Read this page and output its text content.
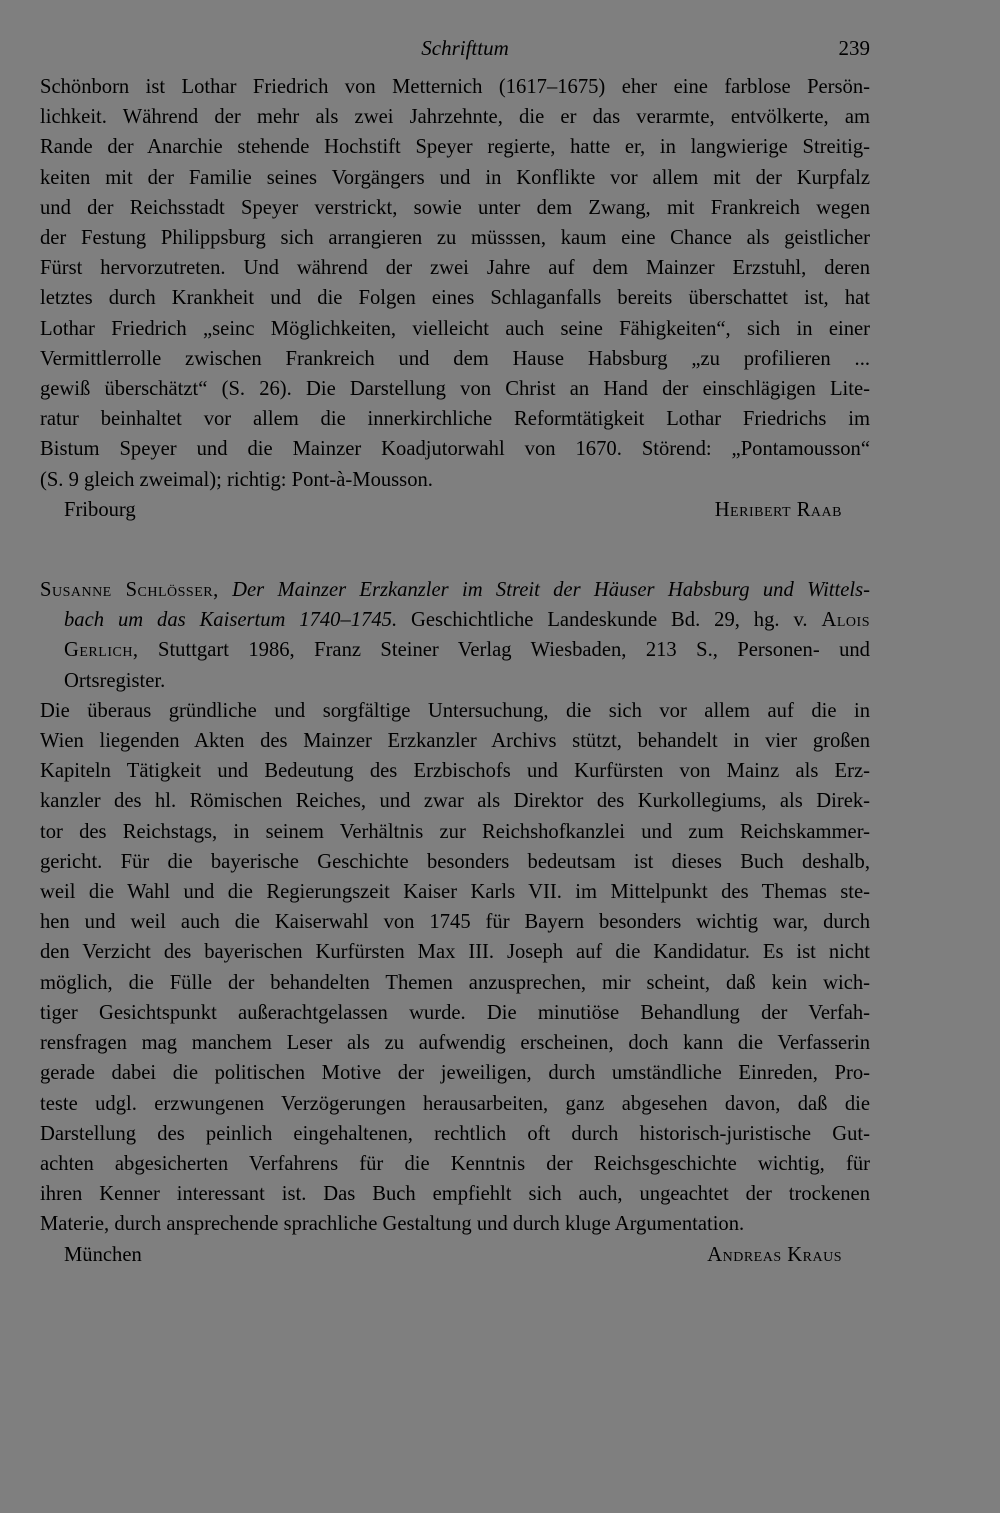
Schrifttum	239

Schönborn ist Lothar Friedrich von Metternich (1617–1675) eher eine farblose Persön-
lichkeit. Während der mehr als zwei Jahrzehnte, die er das verarmte, entvölkerte, am
Rande der Anarchie stehende Hochstift Speyer regierte, hatte er, in langwierige Streitig-
keiten mit der Familie seines Vorgängers und in Konflikte vor allem mit der Kurpfalz
und der Reichsstadt Speyer verstrickt, sowie unter dem Zwang, mit Frankreich wegen
der Festung Philippsburg sich arrangieren zu müsssen, kaum eine Chance als geistlicher
Fürst hervorzutreten. Und während der zwei Jahre auf dem Mainzer Erzstuhl, deren
letztes durch Krankheit und die Folgen eines Schlaganfalls bereits überschattet ist, hat
Lothar Friedrich „seinc Möglichkeiten, vielleicht auch seine Fähigkeiten“, sich in einer
Vermittlerrolle zwischen Frankreich und dem Hause Habsburg „zu profilieren ...
gewiß überschätzt“ (S. 26). Die Darstellung von Christ an Hand der einschlägigen Lite-
ratur beinhaltet vor allem die innerkirchliche Reformtätigkeit Lothar Friedrichs im
Bistum Speyer und die Mainzer Koadjutorwahl von 1670. Störend: „Pontamousson“
(S. 9 gleich zweimal); richtig: Pont-à-Mousson.

Fribourg	Heribert Raab
Susanne Schlösser, Der Mainzer Erzkanzler im Streit der Häuser Habsburg und Wittels-
bach um das Kaisertum 1740–1745. Geschichtliche Landeskunde Bd. 29, hg. v. Alois
Gerlich, Stuttgart 1986, Franz Steiner Verlag Wiesbaden, 213 S., Personen- und
Ortsregister.

Die überaus gründliche und sorgfältige Untersuchung, die sich vor allem auf die in
Wien liegenden Akten des Mainzer Erzkanzler Archivs stützt, behandelt in vier großen
Kapiteln Tätigkeit und Bedeutung des Erzbischofs und Kurfürsten von Mainz als Erz-
kanzler des hl. Römischen Reiches, und zwar als Direktor des Kurkollegiums, als Direk-
tor des Reichstags, in seinem Verhältnis zur Reichshofkanzlei und zum Reichskammer-
gericht. Für die bayerische Geschichte besonders bedeutsam ist dieses Buch deshalb,
weil die Wahl und die Regierungszeit Kaiser Karls VII. im Mittelpunkt des Themas ste-
hen und weil auch die Kaiserwahl von 1745 für Bayern besonders wichtig war, durch
den Verzicht des bayerischen Kurfürsten Max III. Joseph auf die Kandidatur. Es ist nicht
möglich, die Fülle der behandelten Themen anzusprechen, mir scheint, daß kein wich-
tiger Gesichtspunkt außerachtgelassen wurde. Die minutiöse Behandlung der Verfah-
rensfragen mag manchem Leser als zu aufwendig erscheinen, doch kann die Verfasserin
gerade dabei die politischen Motive der jeweiligen, durch umständliche Einreden, Pro-
teste udgl. erzwungenen Verzögerungen herausarbeiten, ganz abgesehen davon, daß die
Darstellung des peinlich eingehaltenen, rechtlich oft durch historisch-juristische Gut-
achten abgesicherten Verfahrens für die Kenntnis der Reichsgeschichte wichtig, für
ihren Kenner interessant ist. Das Buch empfiehlt sich auch, ungeachtet der trockenen
Materie, durch ansprechende sprachliche Gestaltung und durch kluge Argumentation.

München	Andreas Kraus
